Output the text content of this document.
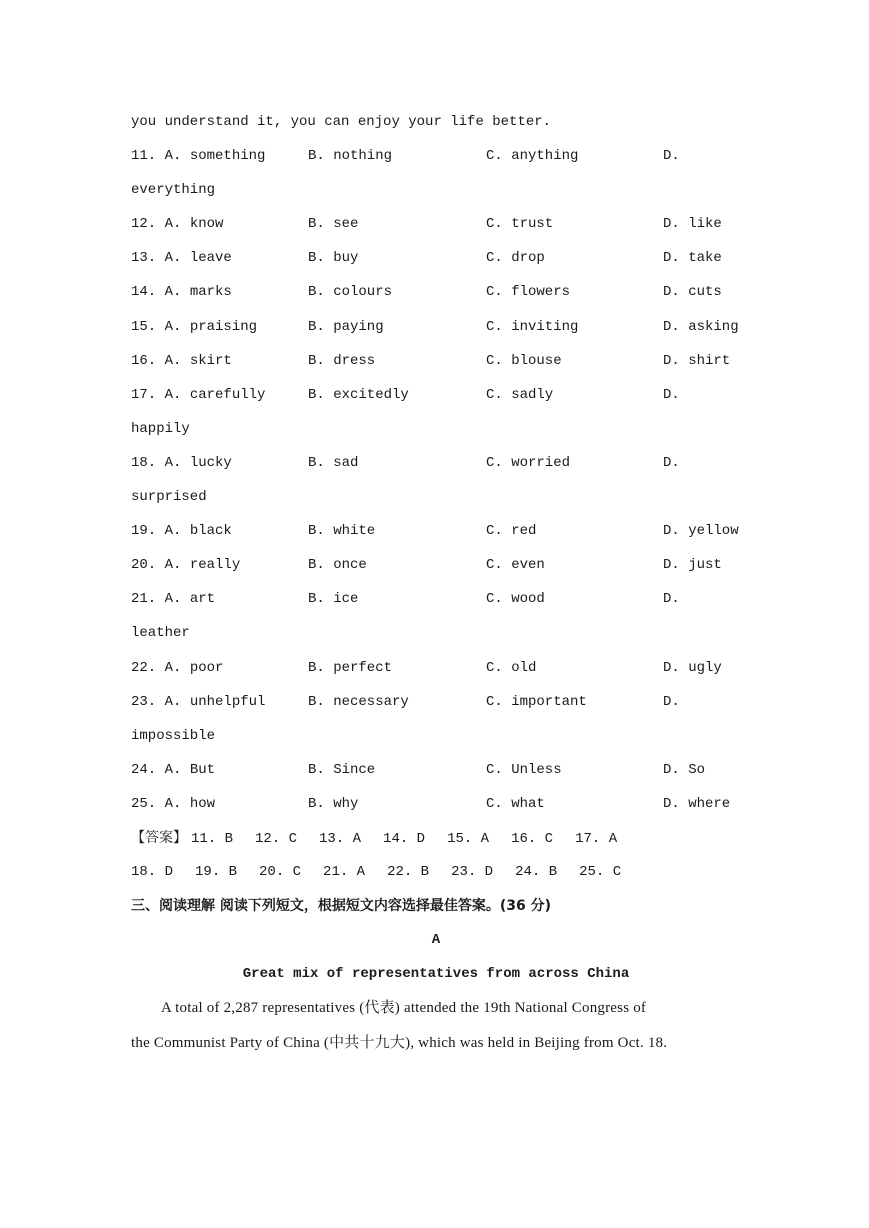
you understand it, you can enjoy your life better.
11. A. something	B. nothing	C. anything	D.
everything
12. A. know	B. see	C. trust	D. like
13. A. leave	B. buy	C. drop	D. take
14. A. marks	B. colours	C. flowers	D. cuts
15. A. praising	B. paying	C. inviting	D. asking
16. A. skirt	B. dress	C. blouse	D. shirt
17. A. carefully	B. excitedly	C. sadly	D.
happily
18. A. lucky	B. sad	C. worried	D.
surprised
19. A. black	B. white	C. red	D. yellow
20. A. really	B. once	C. even	D. just
21. A. art	B. ice	C. wood	D.
leather
22. A. poor	B. perfect	C. old	D. ugly
23. A. unhelpful	B. necessary	C. important	D.
impossible
24. A. But	B. Since	C. Unless	D. So
25. A. how	B. why	C. what	D. where
【答案】 11. B 12. C 13. A 14. D 15. A 16. C 17. A
18. D 19. B 20. C 21. A 22. B 23. D 24. B 25. C
三、阅读理解 阅读下列短文，根据短文内容选择最佳答案。(36 分)
A
Great mix of representatives from across China
A total of 2,287 representatives (代表) attended the 19th National Congress of
the Communist Party of China (中共十九大), which was held in Beijing from Oct. 18.
